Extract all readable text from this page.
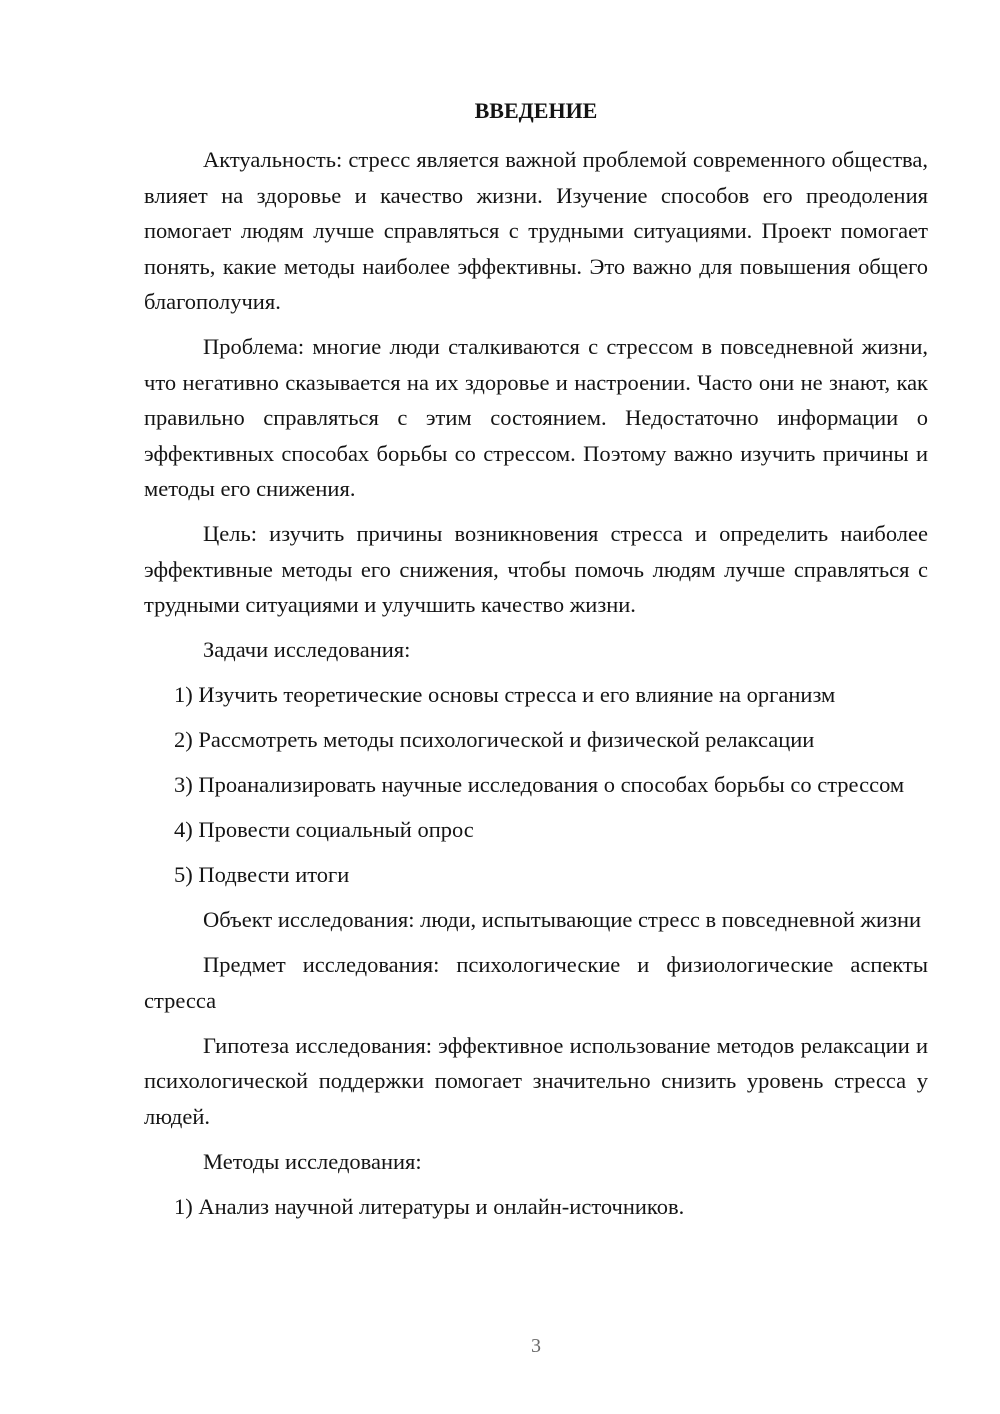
ВВЕДЕНИЕ

Актуальность: стресс является важной проблемой современного общества, влияет на здоровье и качество жизни. Изучение способов его преодоления помогает людям лучше справляться с трудными ситуациями. Проект помогает понять, какие методы наиболее эффективны. Это важно для повышения общего благополучия.

Проблема: многие люди сталкиваются с стрессом в повседневной жизни, что негативно сказывается на их здоровье и настроении. Часто они не знают, как правильно справляться с этим состоянием. Недостаточно информации о эффективных способах борьбы со стрессом. Поэтому важно изучить причины и методы его снижения.

Цель: изучить причины возникновения стресса и определить наиболее эффективные методы его снижения, чтобы помочь людям лучше справляться с трудными ситуациями и улучшить качество жизни.

Задачи исследования:

1) Изучить теоретические основы стресса и его влияние на организм

2) Рассмотреть методы психологической и физической релаксации

3) Проанализировать научные исследования о способах борьбы со стрессом

4) Провести социальный опрос

5) Подвести итоги

Объект исследования: люди, испытывающие стресс в повседневной жизни

Предмет исследования: психологические и физиологические аспекты стресса

Гипотеза исследования: эффективное использование методов релаксации и психологической поддержки помогает значительно снизить уровень стресса у людей.

Методы исследования:

1) Анализ научной литературы и онлайн-источников.

3
